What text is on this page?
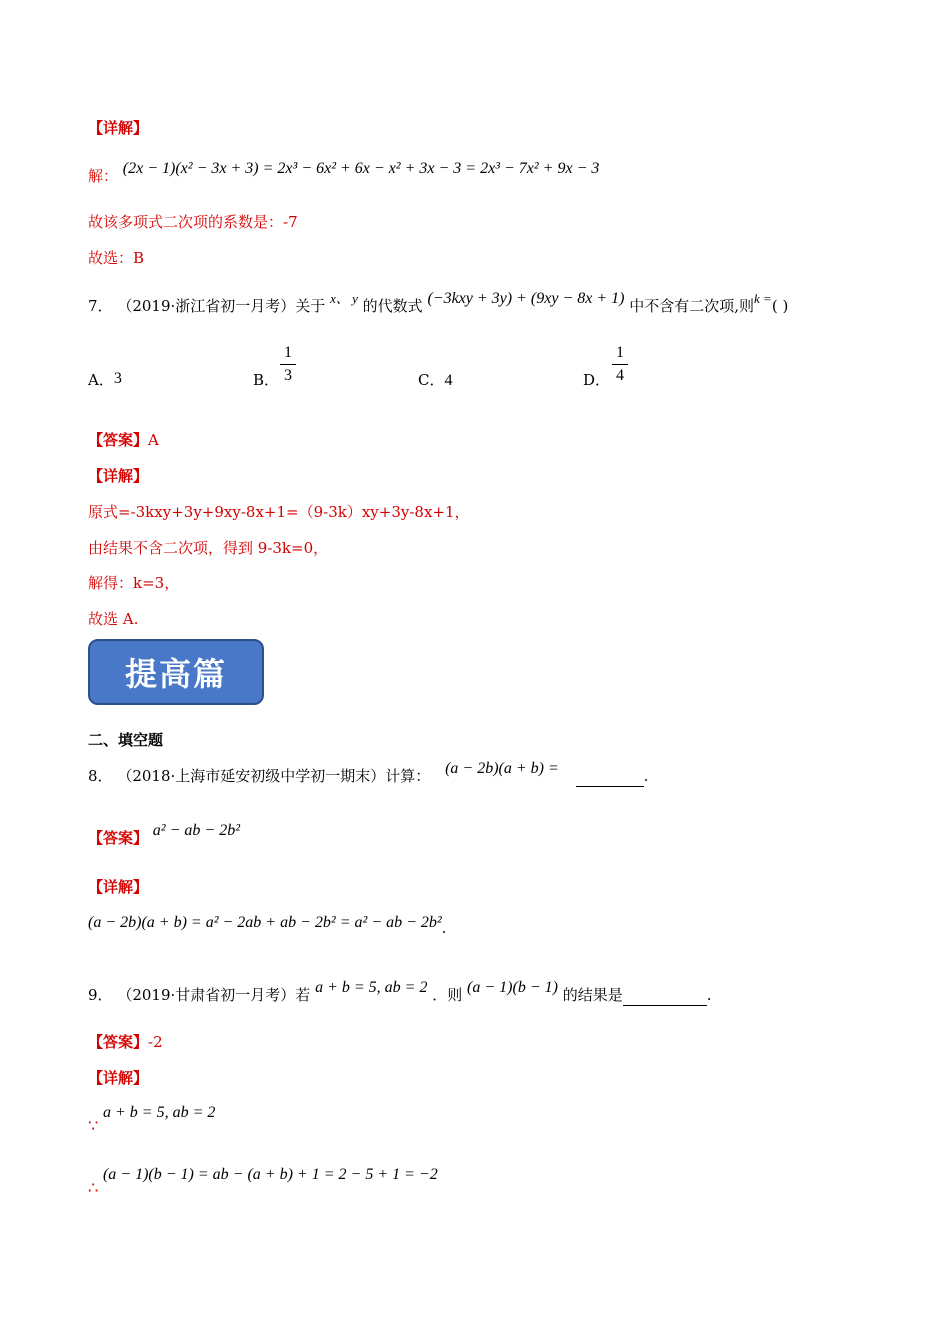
【详解】
解： (2x − 1)(x² − 3x + 3) = 2x³ − 6x² + 6x − x² + 3x − 3 = 2x³ − 7x² + 9x − 3
故该多项式二次项的系数是：-7
故选：B
7． （2019·浙江省初一月考）关于 x、 y 的代数式 (−3kxy + 3y) + (9xy − 8x + 1) 中不含有二次项,则k =( )
A．3	B．
1
3	C．4	D．
1
4
【答案】A
【详解】
原式=-3kxy+3y+9xy-8x+1=（9-3k）xy+3y-8x+1，
由结果不含二次项，得到 9-3k=0，
解得：k=3，
故选 A.
提高篇
二、填空题
8． （2018·上海市延安初级中学初一期末）计算： (a − 2b)(a + b) =	.
【答案】 a² − ab − 2b²
【详解】
(a − 2b)(a + b) = a² − 2ab + ab − 2b² = a² − ab − 2b².
9． （2019·甘肃省初一月考）若 a + b = 5, ab = 2 ．则 (a − 1)(b − 1) 的结果是	.
【答案】-2
【详解】
∵ a + b = 5, ab = 2
∴ (a − 1)(b − 1) = ab − (a + b) + 1 = 2 − 5 + 1 = −2
